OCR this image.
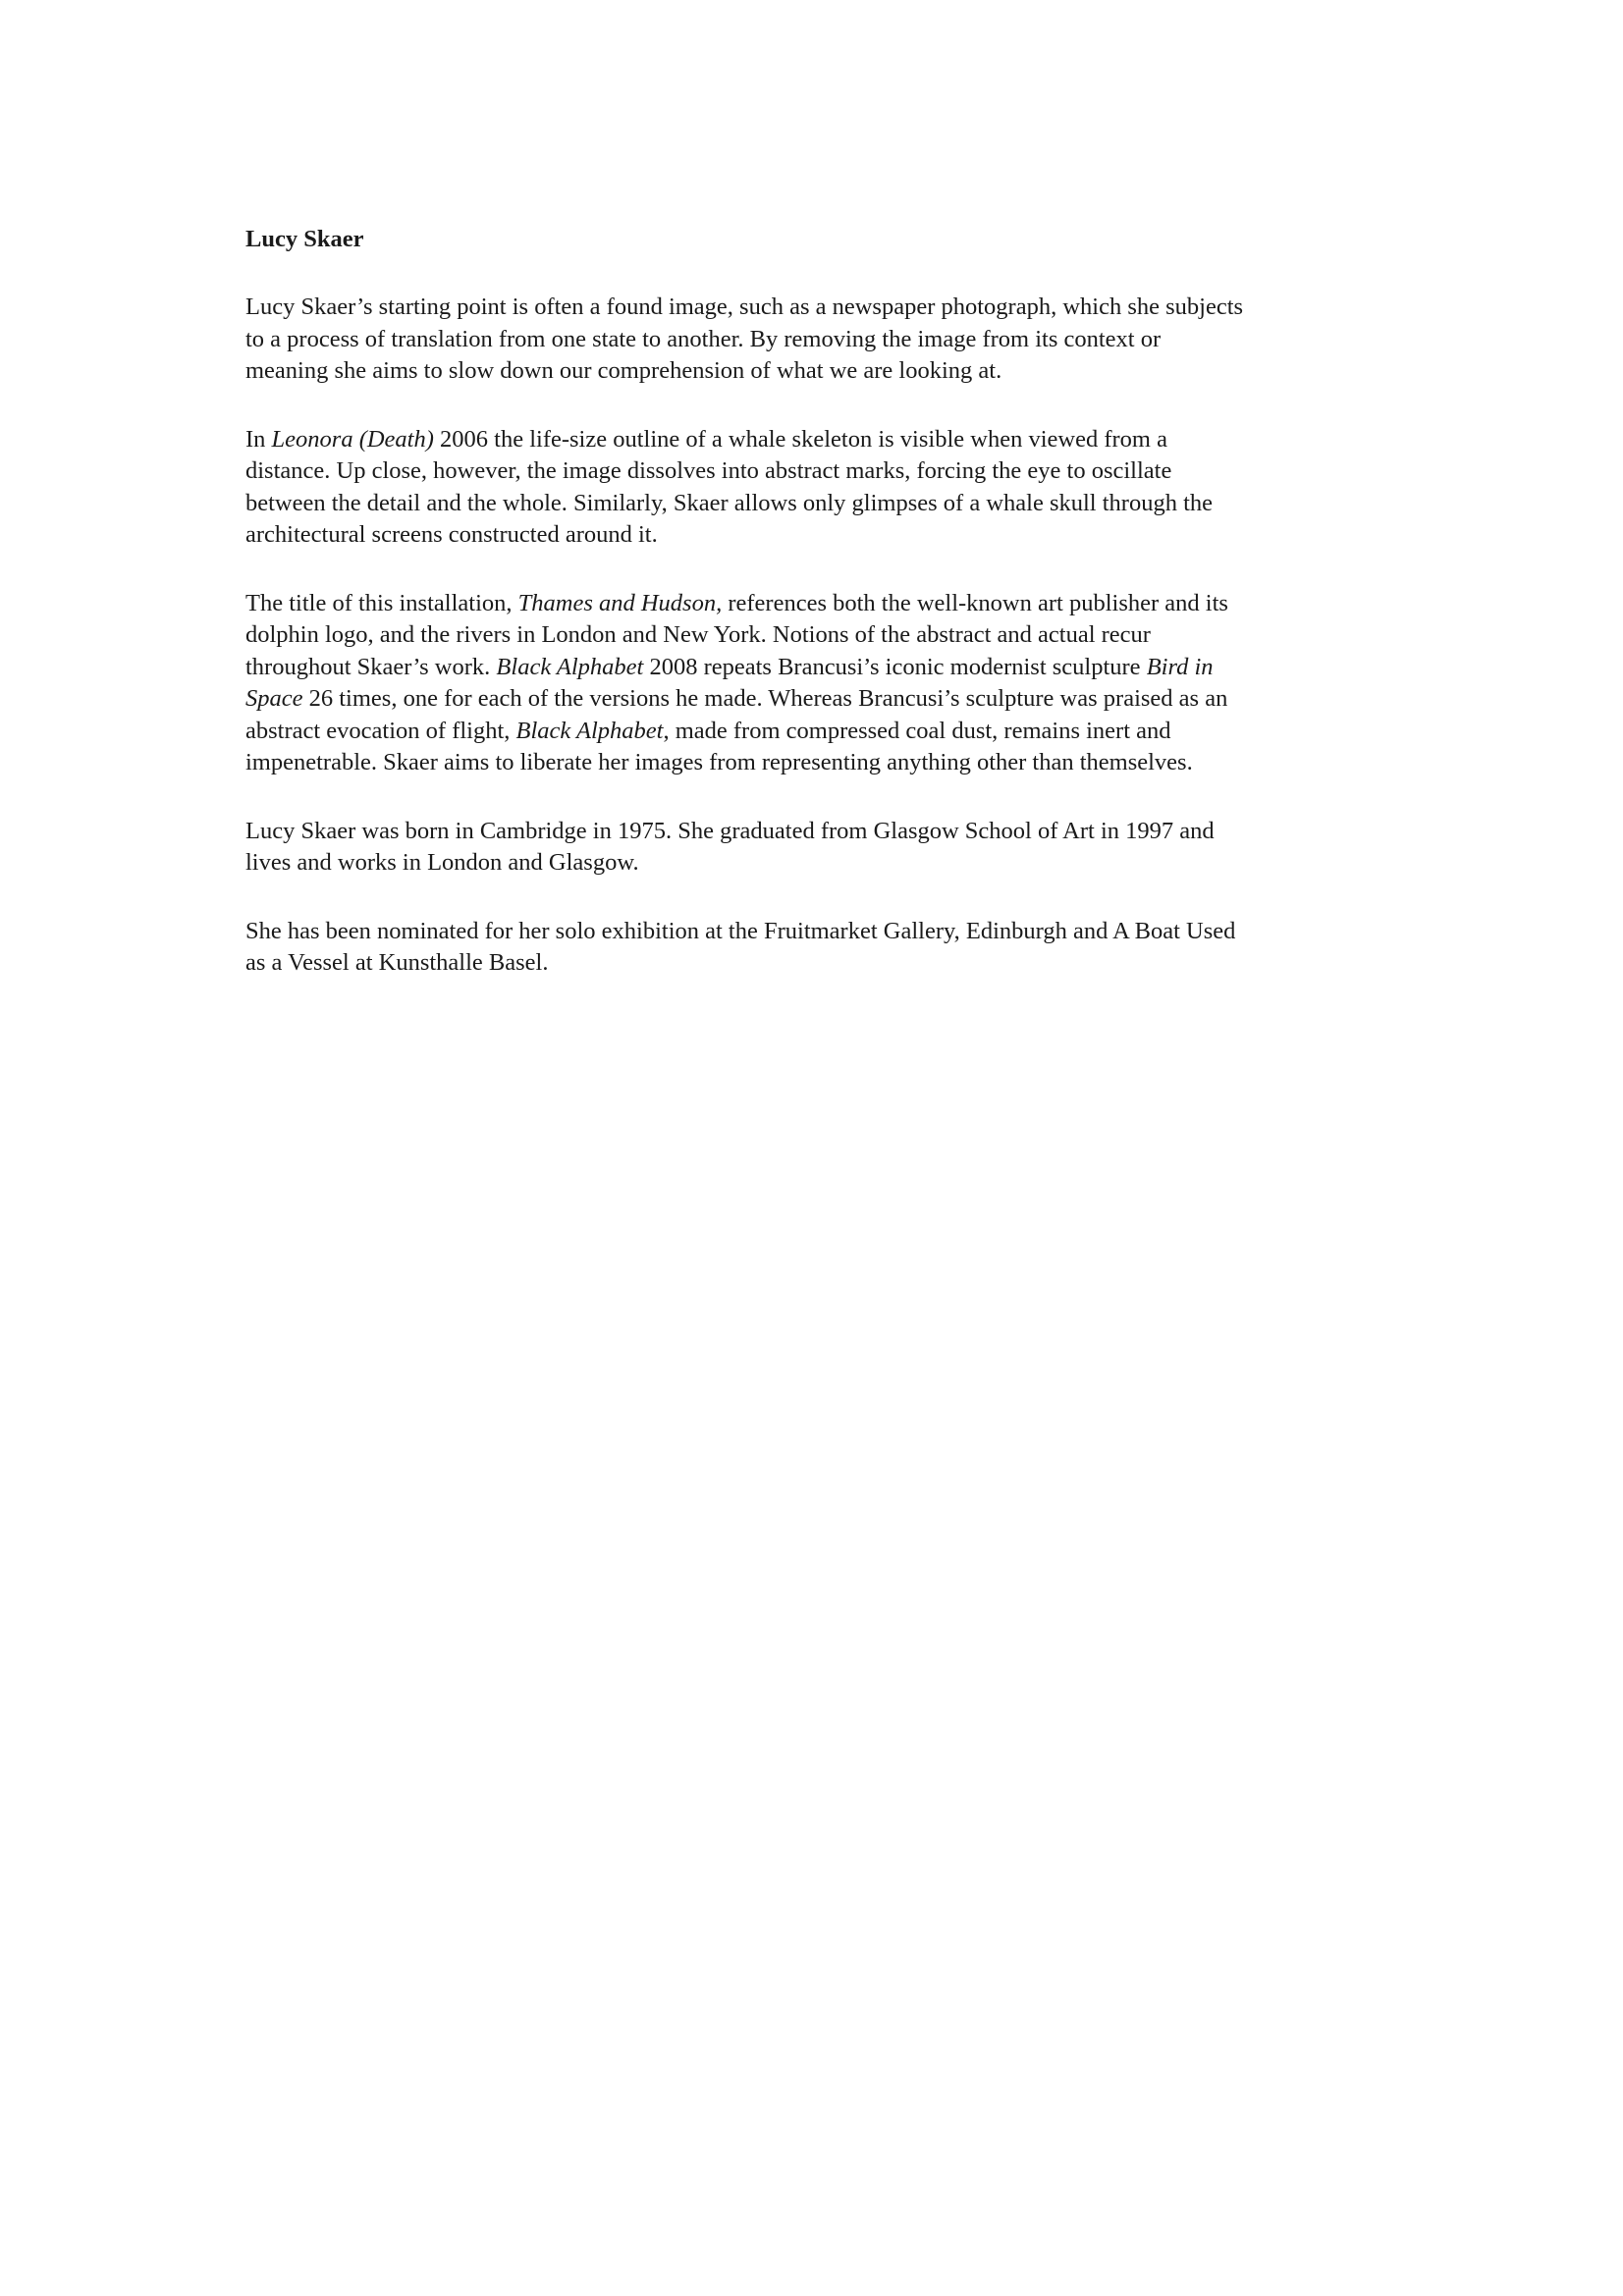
Lucy Skaer
Lucy Skaer’s starting point is often a found image, such as a newspaper photograph, which she subjects
to a process of translation from one state to another. By removing the image from its context or
meaning she aims to slow down our comprehension of what we are looking at.
In Leonora (Death) 2006 the life-size outline of a whale skeleton is visible when viewed from a
distance. Up close, however, the image dissolves into abstract marks, forcing the eye to oscillate
between the detail and the whole. Similarly, Skaer allows only glimpses of a whale skull through the
architectural screens constructed around it.
The title of this installation, Thames and Hudson, references both the well-known art publisher and its
dolphin logo, and the rivers in London and New York. Notions of the abstract and actual recur
throughout Skaer’s work. Black Alphabet 2008 repeats Brancusi’s iconic modernist sculpture Bird in
Space 26 times, one for each of the versions he made. Whereas Brancusi’s sculpture was praised as an
abstract evocation of flight, Black Alphabet, made from compressed coal dust, remains inert and
impenetrable. Skaer aims to liberate her images from representing anything other than themselves.
Lucy Skaer was born in Cambridge in 1975. She graduated from Glasgow School of Art in 1997 and
lives and works in London and Glasgow.
She has been nominated for her solo exhibition at the Fruitmarket Gallery, Edinburgh and A Boat Used
as a Vessel at Kunsthalle Basel.
